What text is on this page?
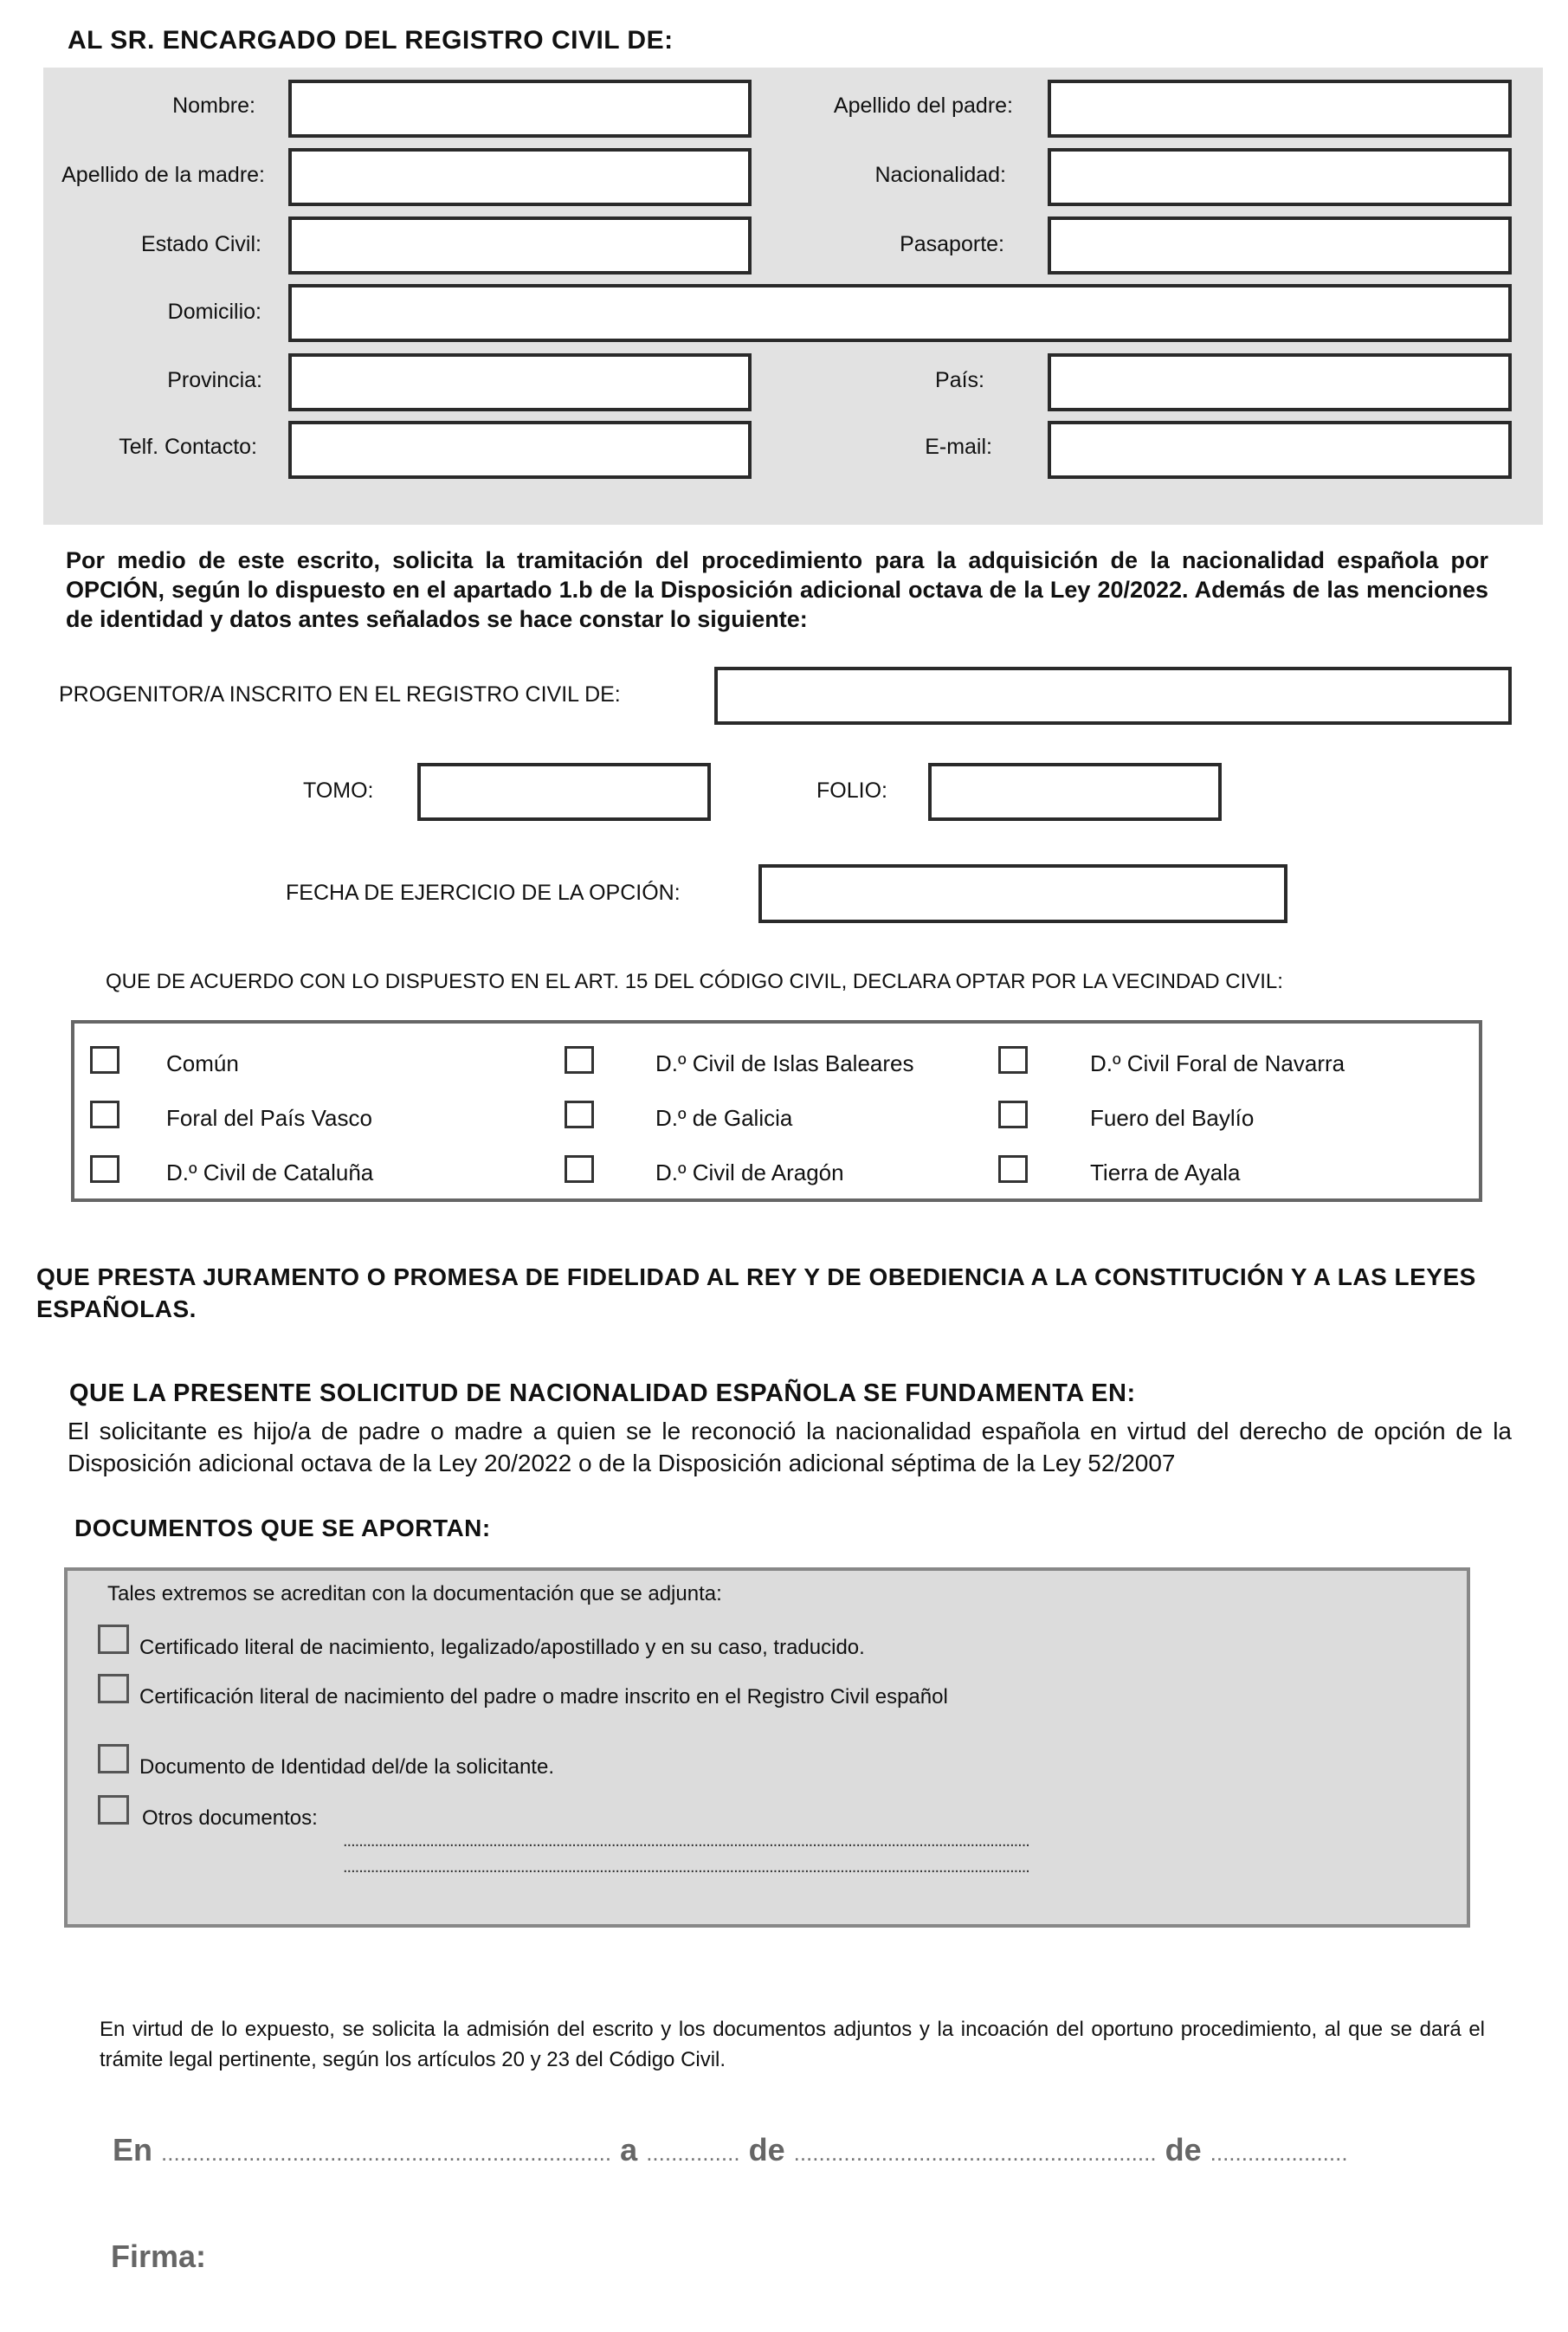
AL SR. ENCARGADO DEL REGISTRO CIVIL DE:
Nombre:	Apellido del padre:
Apellido de la madre:	Nacionalidad:
Estado Civil:	Pasaporte:
Domicilio:
Provincia:	País:
Telf. Contacto:	E-mail:
Por medio de este escrito, solicita la tramitación del procedimiento para la adquisición de la nacionalidad española por OPCIÓN, según lo dispuesto en el apartado 1.b de la Disposición adicional octava de la Ley 20/2022. Además de las menciones de identidad y datos antes señalados se hace constar lo siguiente:
PROGENITOR/A INSCRITO EN EL REGISTRO CIVIL DE:
TOMO:	FOLIO:
FECHA DE EJERCICIO DE LA OPCIÓN:
QUE DE ACUERDO CON LO DISPUESTO EN EL ART. 15 DEL CÓDIGO CIVIL, DECLARA OPTAR POR LA VECINDAD CIVIL:
Común	D.º Civil de Islas Baleares	D.º Civil Foral de Navarra
Foral del País Vasco	D.º de Galicia	Fuero del Baylío
D.º Civil de Cataluña	D.º Civil de Aragón	Tierra de Ayala
QUE PRESTA JURAMENTO O PROMESA DE FIDELIDAD AL REY Y DE OBEDIENCIA A LA CONSTITUCIÓN Y A LAS LEYES ESPAÑOLAS.
QUE LA PRESENTE SOLICITUD DE NACIONALIDAD ESPAÑOLA SE FUNDAMENTA EN:
El solicitante es hijo/a de padre o madre a quien se le reconoció la nacionalidad española en virtud del derecho de opción de la Disposición adicional octava de la Ley 20/2022 o de la Disposición adicional séptima de la Ley 52/2007
DOCUMENTOS QUE SE APORTAN:
Tales extremos se acreditan con la documentación que se adjunta:
Certificado literal de nacimiento, legalizado/apostillado y en su caso, traducido.
Certificación literal de nacimiento del padre o madre inscrito en el Registro Civil español
Documento de Identidad del/de la solicitante.
Otros documentos:
..............................................................................................................................................................................
..............................................................................................................................................................................
En virtud de lo expuesto, se solicita la admisión del escrito y los documentos adjuntos y la incoación del oportuno procedimiento, al que se dará el trámite legal pertinente, según los artículos 20 y 23 del Código Civil.
En ........................................................................ a ............... de .......................................................... de ......................
Firma:
